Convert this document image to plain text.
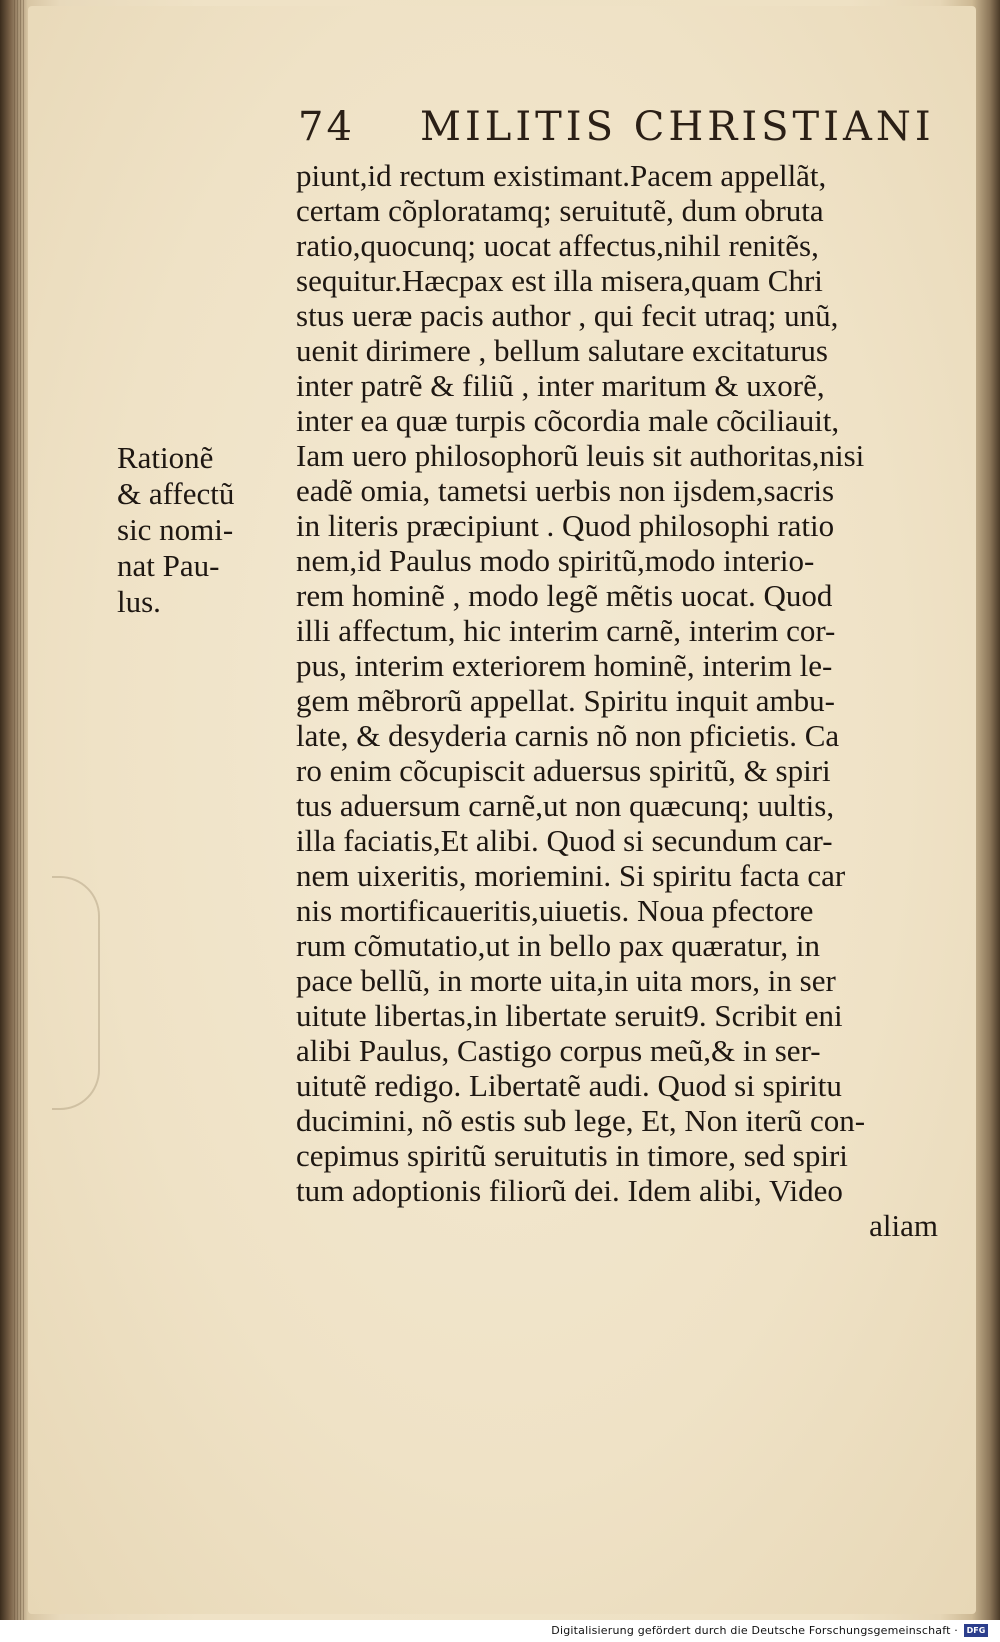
74 MILITIS CHRISTIANI
Rationẽ
& affectũ
sic nomi-
nat Pau-
lus.
piunt,id rectum existimant.Pacem appellãt,
certam cõploratamq; seruitutẽ, dum obruta
ratio,quocunq; uocat affectus,nihil renitẽs,
sequitur.Hæcpax est illa misera,quam Chri
stus ueræ pacis author , qui fecit utraq; unũ,
uenit dirimere , bellum salutare excitaturus
inter patrẽ & filiũ , inter maritum & uxorẽ,
inter ea quæ turpis cõcordia male cõciliauit,
Iam uero philosophorũ leuis sit authoritas,nisi
eadẽ omia, tametsi uerbis non ijsdem,sacris
in literis præcipiunt . Quod philosophi ratio
nem,id Paulus modo spiritũ,modo interio-
rem hominẽ , modo legẽ mẽtis uocat. Quod
illi affectum, hic interim carnẽ, interim cor-
pus, interim exteriorem hominẽ, interim le-
gem mẽbrorũ appellat. Spiritu inquit ambu-
late, & desyderia carnis nõ non pficietis. Ca
ro enim cõcupiscit aduersus spiritũ, & spiri
tus aduersum carnẽ,ut non quæcunq; uultis,
illa faciatis,Et alibi. Quod si secundum car-
nem uixeritis, moriemini. Si spiritu facta car
nis mortificaueritis,uiuetis. Noua pfectore
rum cõmutatio,ut in bello pax quæratur, in
pace bellũ, in morte uita,in uita mors, in ser
uitute libertas,in libertate seruit9. Scribit eni
alibi Paulus, Castigo corpus meũ,& in ser-
uitutẽ redigo. Libertatẽ audi. Quod si spiritu
ducimini, nõ estis sub lege, Et, Non iterũ con-
cepimus spiritũ seruitutis in timore, sed spiri
tum adoptionis filiorũ dei. Idem alibi, Video
aliam
Digitalisierung gefördert durch die Deutsche Forschungsgemeinschaft ·	DFG
